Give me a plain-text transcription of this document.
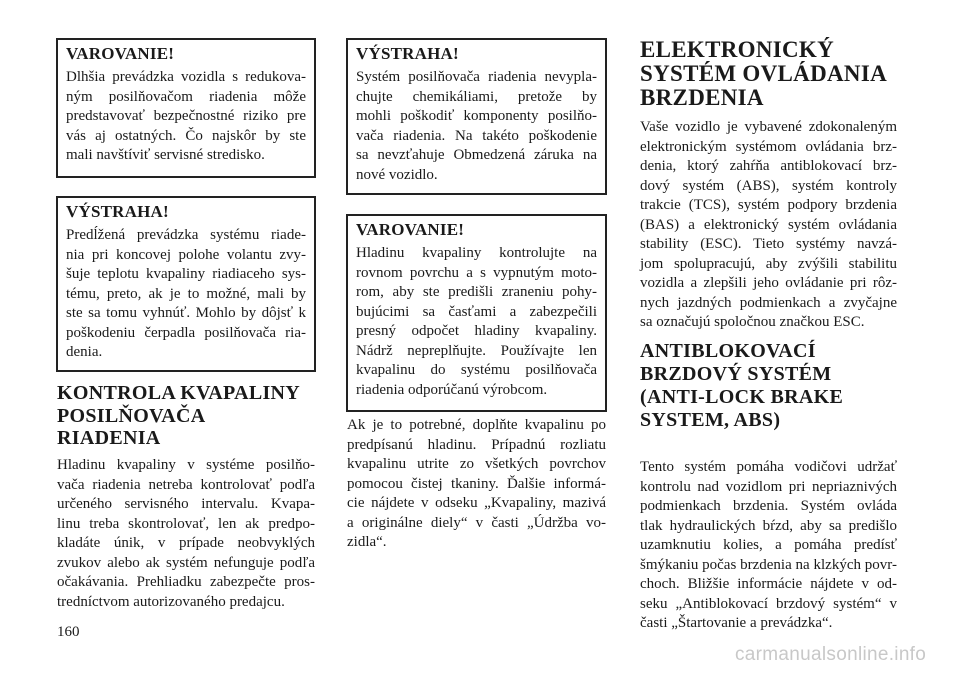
VAROVANIE!
Dlhšia prevádzka vozidla s redukova-
ným posilňovačom riadenia môže
predstavovať bezpečnostné riziko pre
vás aj ostatných. Čo najskôr by ste
mali navštíviť servisné stredisko.
VÝSTRAHA!
Predĺžená prevádzka systému riade-
nia pri koncovej polohe volantu zvy-
šuje teplotu kvapaliny riadiaceho sys-
tému, preto, ak je to možné, mali by
ste sa tomu vyhnúť. Mohlo by dôjsť k
poškodeniu čerpadla posilňovača ria-
denia.
KONTROLA KVAPALINY
POSILŇOVAČA
RIADENIA
Hladinu kvapaliny v systéme posilňo-
vača riadenia netreba kontrolovať podľa
určeného servisného intervalu. Kvapa-
linu treba skontrolovať, len ak predpo-
kladáte únik, v prípade neobvyklých
zvukov alebo ak systém nefunguje podľa
očakávania. Prehliadku zabezpečte pros-
tredníctvom autorizovaného predajcu.
160
VÝSTRAHA!
Systém posilňovača riadenia nevypla-
chujte chemikáliami, pretože by
mohli poškodiť komponenty posilňo-
vača riadenia. Na takéto poškodenie
sa nevzťahuje Obmedzená záruka na
nové vozidlo.
VAROVANIE!
Hladinu kvapaliny kontrolujte na
rovnom povrchu a s vypnutým moto-
rom, aby ste predišli zraneniu pohy-
bujúcimi sa časťami a zabezpečili
presný odpočet hladiny kvapaliny.
Nádrž nepreplňujte. Používajte len
kvapalinu do systému posilňovača
riadenia odporúčanú výrobcom.
Ak je to potrebné, doplňte kvapalinu po
predpísanú hladinu. Prípadnú rozliatu
kvapalinu utrite zo všetkých povrchov
pomocou čistej tkaniny. Ďalšie informá-
cie nájdete v odseku „Kvapaliny, mazivá
a originálne diely“ v časti „Údržba vo-
zidla“.
ELEKTRONICKÝ
SYSTÉM OVLÁDANIA
BRZDENIA
Vaše vozidlo je vybavené zdokonaleným
elektronickým systémom ovládania brz-
denia, ktorý zahŕňa antiblokovací brz-
dový systém (ABS), systém kontroly
trakcie (TCS), systém podpory brzdenia
(BAS) a elektronický systém ovládania
stability (ESC). Tieto systémy navzá-
jom spolupracujú, aby zvýšili stabilitu
vozidla a zlepšili jeho ovládanie pri rôz-
nych jazdných podmienkach a zvyčajne
sa označujú spoločnou značkou ESC.
ANTIBLOKOVACÍ
BRZDOVÝ SYSTÉM
(ANTI-LOCK BRAKE
SYSTEM, ABS)
Tento systém pomáha vodičovi udržať
kontrolu nad vozidlom pri nepriaznivých
podmienkach brzdenia. Systém ovláda
tlak hydraulických bŕzd, aby sa predišlo
uzamknutiu kolies, a pomáha predísť
šmýkaniu počas brzdenia na klzkých povr-
choch. Bližšie informácie nájdete v od-
seku „Antiblokovací brzdový systém“ v
časti „Štartovanie a prevádzka“.
carmanualsonline.info
